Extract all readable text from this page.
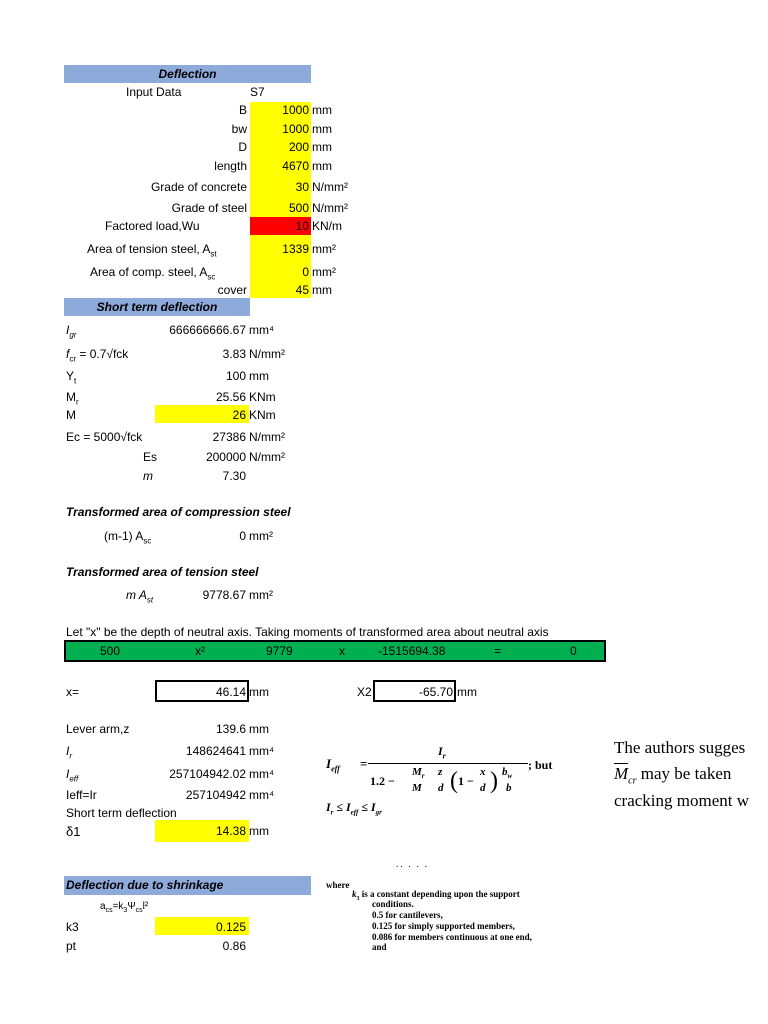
Deflection
Input Data	S7
B	1000 mm
bw	1000 mm
D	200 mm
length	4670 mm
Grade of concrete	30 N/mm²
Grade of steel	500 N/mm²
Factored load,Wu	10 KN/m
Area of tension steel, $A_{st}$	1339 mm²
Area of comp. steel, $A_{sc}$	0 mm²
cover	45 mm
Short term deflection
$I_{gr}$	666666666.67 mm⁴
$f_{cr} = 0.7√fck$	3.83 N/mm²
$Y_t$	100 mm
$M_r$	25.56 KNm
M	26 KNm
Ec = 5000√fck	27386 N/mm²
Es	200000 N/mm²
m	7.30
Transformed area of compression steel
(m-1) $A_{sc}$	0 mm²
Transformed area of tension steel
m $A_{st}$	9778.67 mm²
Let "x" be the depth of neutral axis. Taking moments of transformed area about neutral axis
500	x²	9779	x	-1515694.38	=	0
x=	46.14 mm	X2	-65.70 mm
Lever arm,z	139.6 mm
$I_r$	148624641 mm⁴
$I_{eff}$	257104942.02 mm⁴
Ieff=Ir	257104942 mm⁴
Short term deflection
δ1	14.38 mm
$I_{eff}$ =
$I_r$
1.2 −
$M_r$
M
z
d ( 1 −
x
d ) $b_w$
b
; but
$I_r \le I_{eff} \le I_{gr}$
The authors sugges
$\overline{M}_{cr}$ may be taken
cracking moment w
Deflection due to shrinkage
$a_{cs}=k_3\Psi_{cs}l^2$
k3	0.125
pt	0.86
·· · · ·
where
$k_3$ is a constant depending upon the support
conditions.
0.5 for cantilevers,
0.125 for simply supported members,
0.086 for members continuous at one end,
and
